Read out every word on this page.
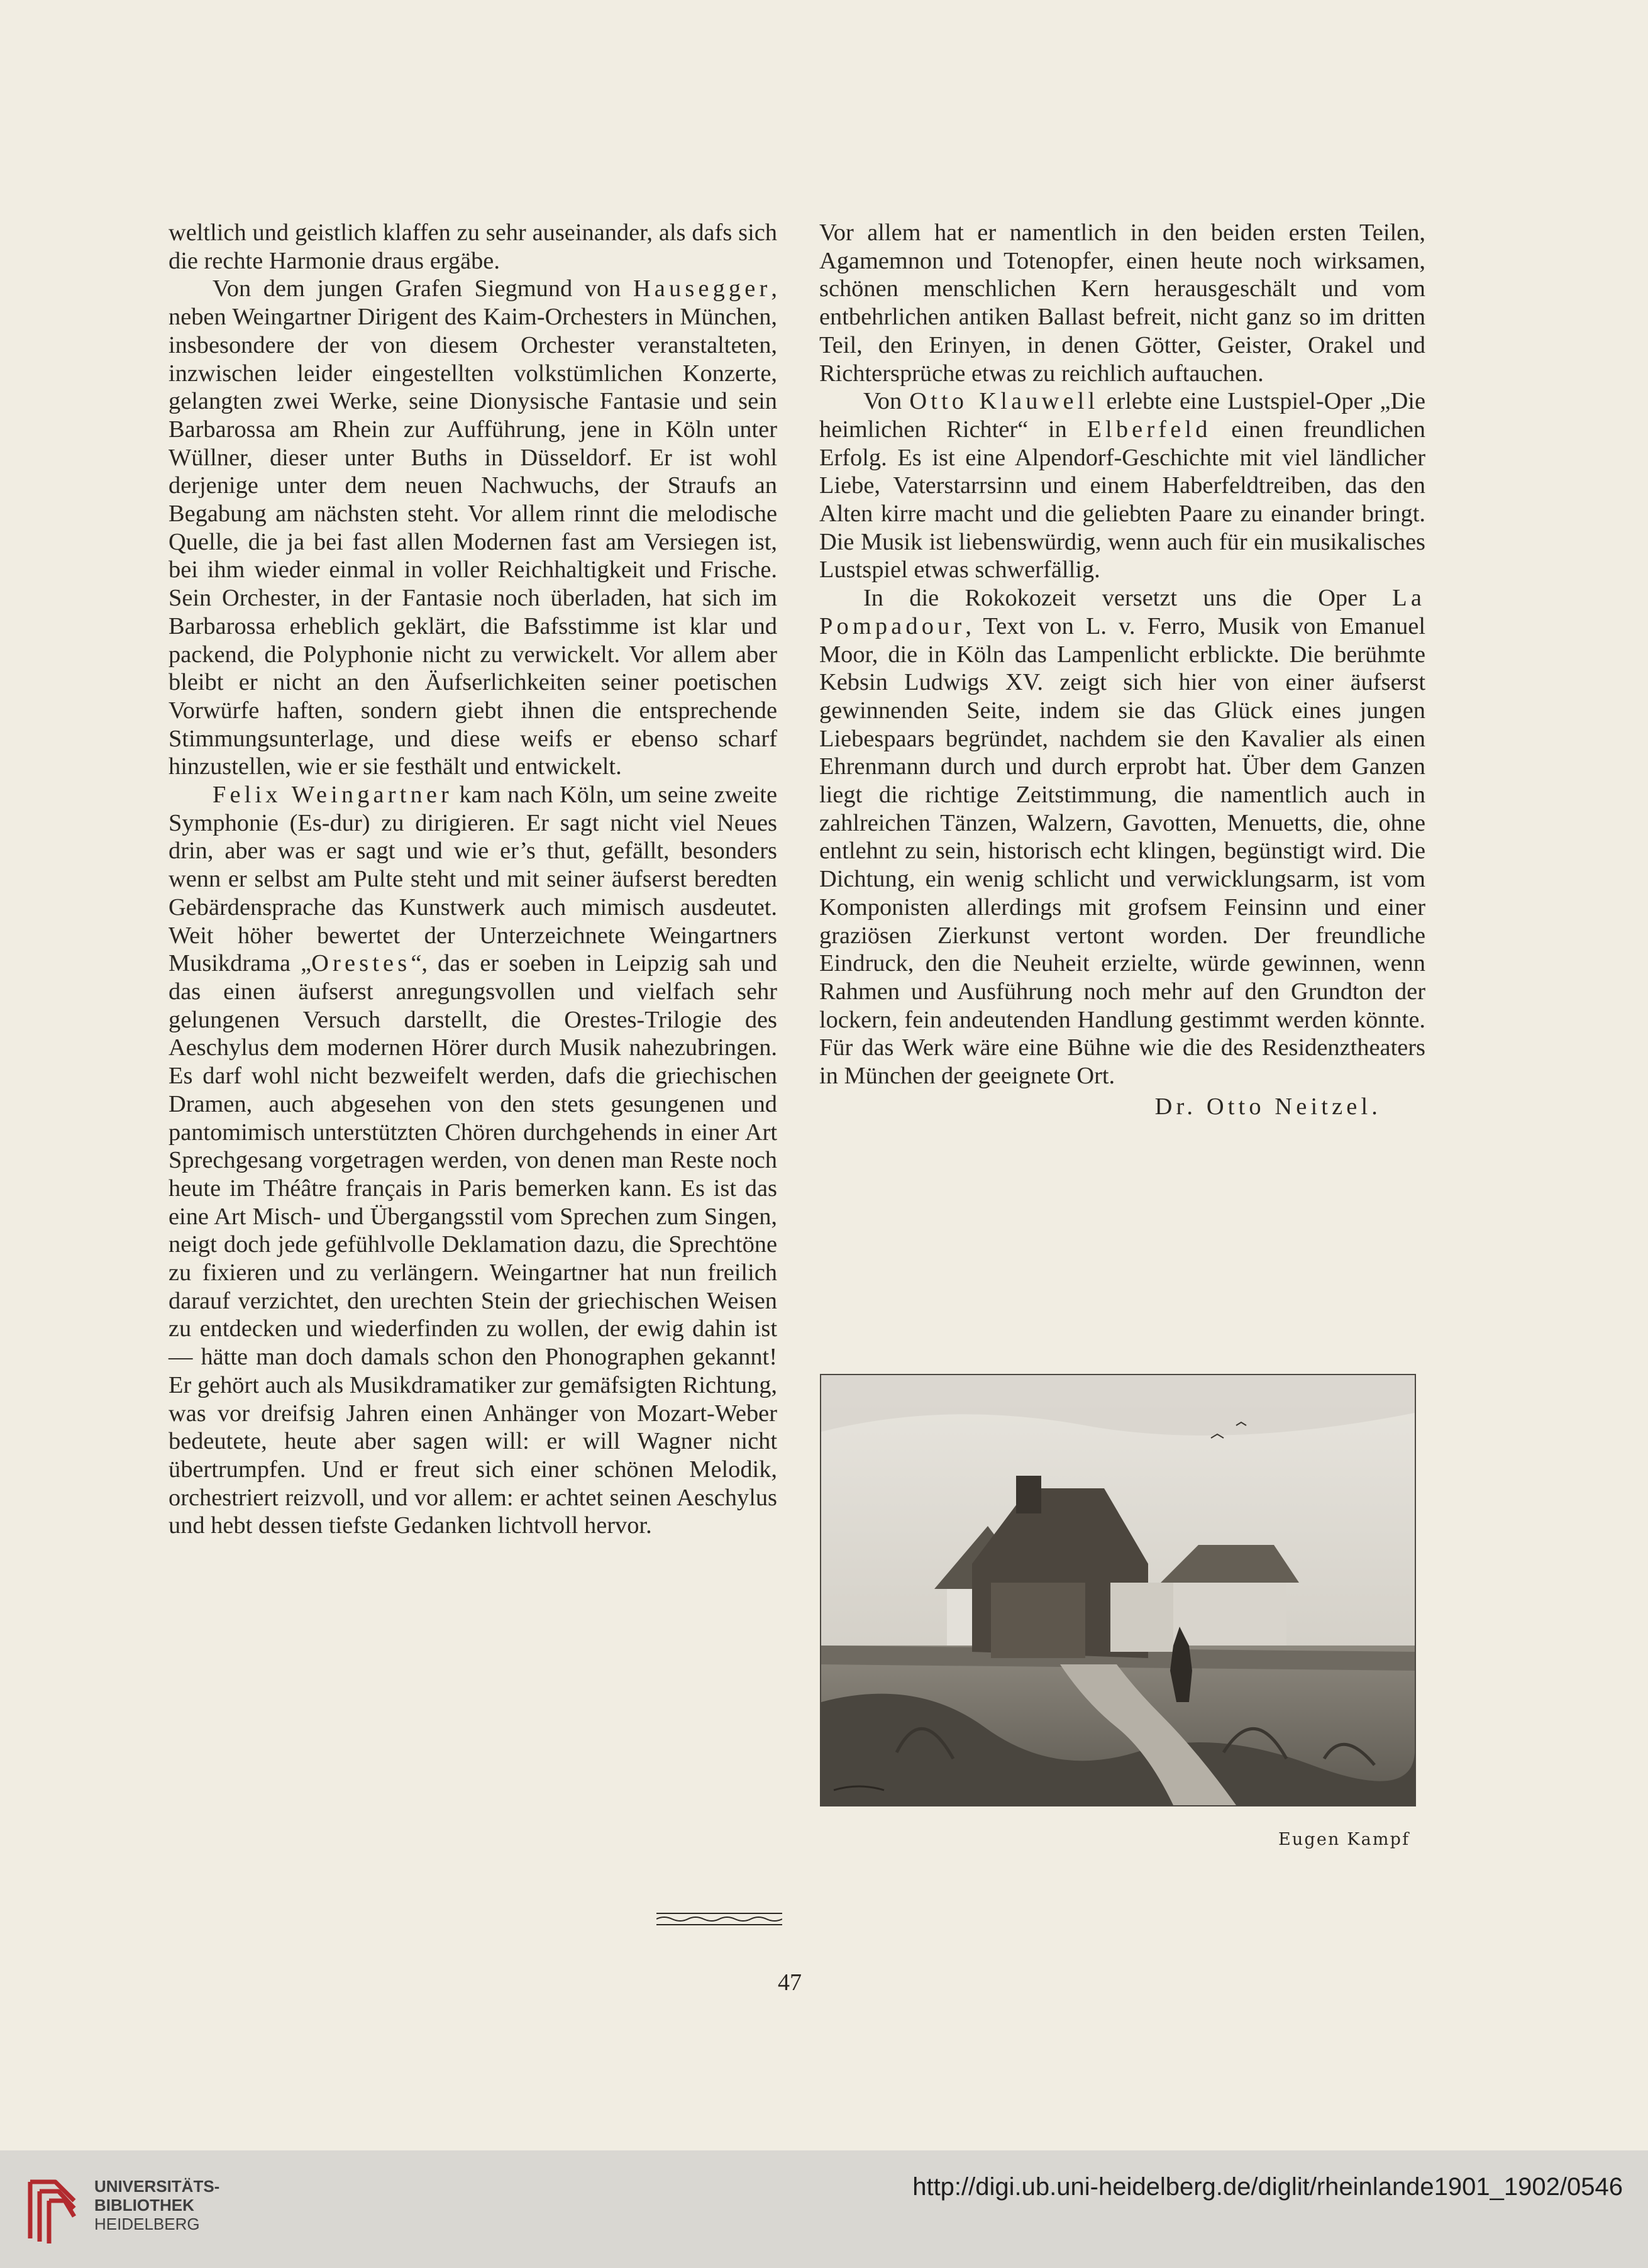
weltlich und geistlich klaffen zu sehr auseinander, als dafs sich die rechte Harmonie draus ergäbe.

Von dem jungen Grafen Siegmund von Hausegger, neben Weingartner Dirigent des Kaim-Orchesters in München, insbesondere der von diesem Orchester veranstalteten, inzwischen leider eingestellten volkstümlichen Konzerte, gelangten zwei Werke, seine Dionysische Fantasie und sein Barbarossa am Rhein zur Aufführung, jene in Köln unter Wüllner, dieser unter Buths in Düsseldorf. Er ist wohl derjenige unter dem neuen Nachwuchs, der Straufs an Begabung am nächsten steht. Vor allem rinnt die melodische Quelle, die ja bei fast allen Modernen fast am Versiegen ist, bei ihm wieder einmal in voller Reichhaltigkeit und Frische. Sein Orchester, in der Fantasie noch überladen, hat sich im Barbarossa erheblich geklärt, die Bafsstimme ist klar und packend, die Polyphonie nicht zu verwickelt. Vor allem aber bleibt er nicht an den Äufserlichkeiten seiner poetischen Vorwürfe haften, sondern giebt ihnen die entsprechende Stimmungsunterlage, und diese weifs er ebenso scharf hinzustellen, wie er sie festhält und entwickelt.

Felix Weingartner kam nach Köln, um seine zweite Symphonie (Es-dur) zu dirigieren. Er sagt nicht viel Neues drin, aber was er sagt und wie er’s thut, gefällt, besonders wenn er selbst am Pulte steht und mit seiner äufserst beredten Gebärdensprache das Kunstwerk auch mimisch ausdeutet. Weit höher bewertet der Unterzeichnete Weingartners Musikdrama „Orestes“, das er soeben in Leipzig sah und das einen äufserst anregungsvollen und vielfach sehr gelungenen Versuch darstellt, die Orestes-Trilogie des Aeschylus dem modernen Hörer durch Musik nahezubringen. Es darf wohl nicht bezweifelt werden, dafs die griechischen Dramen, auch abgesehen von den stets gesungenen und pantomimisch unterstützten Chören durchgehends in einer Art Sprechgesang vorgetragen werden, von denen man Reste noch heute im Théâtre français in Paris bemerken kann. Es ist das eine Art Misch- und Übergangsstil vom Sprechen zum Singen, neigt doch jede gefühlvolle Deklamation dazu, die Sprechtöne zu fixieren und zu verlängern. Weingartner hat nun freilich darauf verzichtet, den urechten Stein der griechischen Weisen zu entdecken und wiederfinden zu wollen, der ewig dahin ist — hätte man doch damals schon den Phonographen gekannt! Er gehört auch als Musikdramatiker zur gemäfsigten Richtung, was vor dreifsig Jahren einen Anhänger von Mozart-Weber bedeutete, heute aber sagen will: er will Wagner nicht übertrumpfen. Und er freut sich einer schönen Melodik, orchestriert reizvoll, und vor allem: er achtet seinen Aeschylus und hebt dessen tiefste Gedanken lichtvoll hervor.

Vor allem hat er namentlich in den beiden ersten Teilen, Agamemnon und Totenopfer, einen heute noch wirksamen, schönen menschlichen Kern herausgeschält und vom entbehrlichen antiken Ballast befreit, nicht ganz so im dritten Teil, den Erinyen, in denen Götter, Geister, Orakel und Richtersprüche etwas zu reichlich auftauchen.

Von Otto Klauwell erlebte eine Lustspiel-Oper „Die heimlichen Richter“ in Elberfeld einen freundlichen Erfolg. Es ist eine Alpendorf-Geschichte mit viel ländlicher Liebe, Vaterstarrsinn und einem Haberfeldtreiben, das den Alten kirre macht und die geliebten Paare zu einander bringt. Die Musik ist liebenswürdig, wenn auch für ein musikalisches Lustspiel etwas schwerfällig.

In die Rokokozeit versetzt uns die Oper La Pompadour, Text von L. v. Ferro, Musik von Emanuel Moor, die in Köln das Lampenlicht erblickte. Die berühmte Kebsin Ludwigs XV. zeigt sich hier von einer äufserst gewinnenden Seite, indem sie das Glück eines jungen Liebespaars begründet, nachdem sie den Kavalier als einen Ehrenmann durch und durch erprobt hat. Über dem Ganzen liegt die richtige Zeitstimmung, die namentlich auch in zahlreichen Tänzen, Walzern, Gavotten, Menuetts, die, ohne entlehnt zu sein, historisch echt klingen, begünstigt wird. Die Dichtung, ein wenig schlicht und verwicklungsarm, ist vom Komponisten allerdings mit grofsem Feinsinn und einer graziösen Zierkunst vertont worden. Der freundliche Eindruck, den die Neuheit erzielte, würde gewinnen, wenn Rahmen und Ausführung noch mehr auf den Grundton der lockern, fein andeutenden Handlung gestimmt werden könnte. Für das Werk wäre eine Bühne wie die des Residenztheaters in München der geeignete Ort.

Dr. Otto Neitzel.

Eugen Kampf
47
UNIVERSITÄTS-
BIBLIOTHEK
HEIDELBERG
http://digi.ub.uni-heidelberg.de/diglit/rheinlande1901_1902/0546
